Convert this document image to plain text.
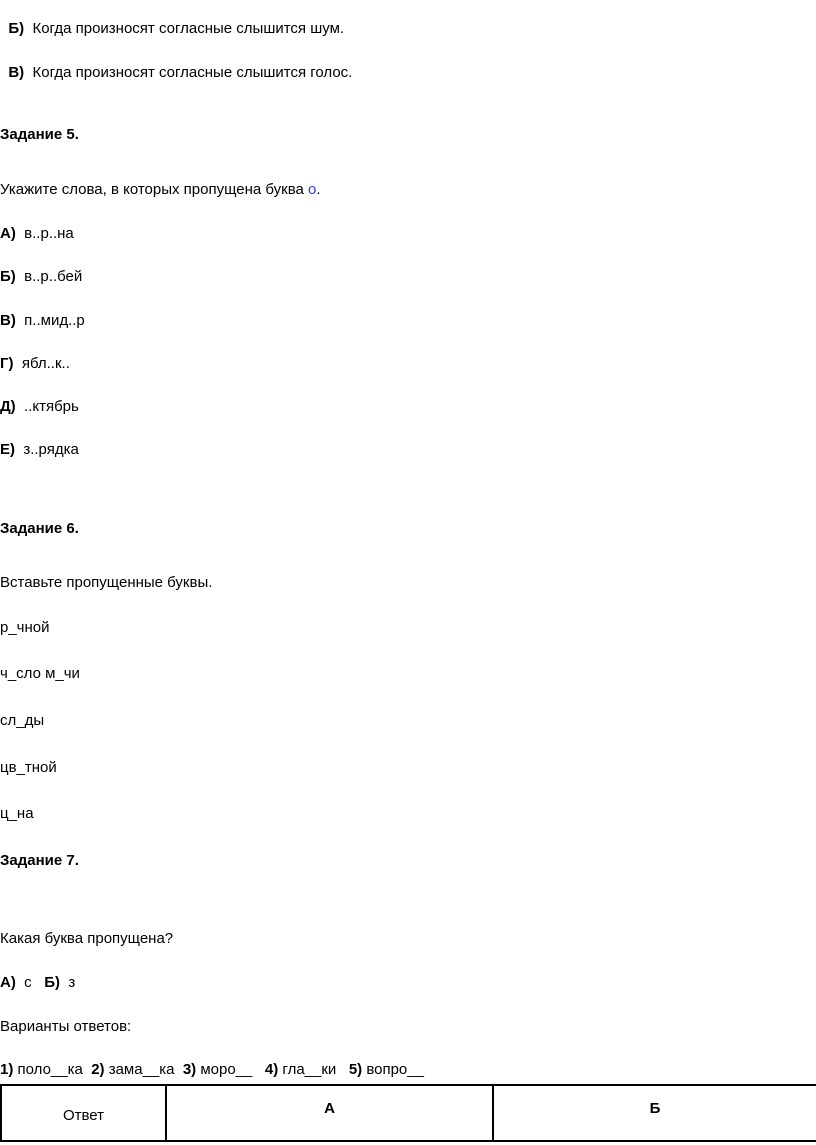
Б) Когда произносят согласные слышится шум.

В) Когда произносят согласные слышится голос.

Задание 5.
Укажите слова, в которых пропущена буква о.
А) в..р..на
Б) в..р..бей
В) п..мид..р
Г) ябл..к..
Д) ..ктябрь
Е) з..рядка
Задание 6.
Вставьте пропущенные буквы.
р_чной
ч_сло м_чи
сл_ды
цв_тной
ц_на
Задание 7.
Какая буква пропущена?
А) с Б) з
Варианты ответов:
1) поло__ка 2) зама__ка 3) моро__ 4) гла__ки 5) вопро__
Ответ	А	Б
